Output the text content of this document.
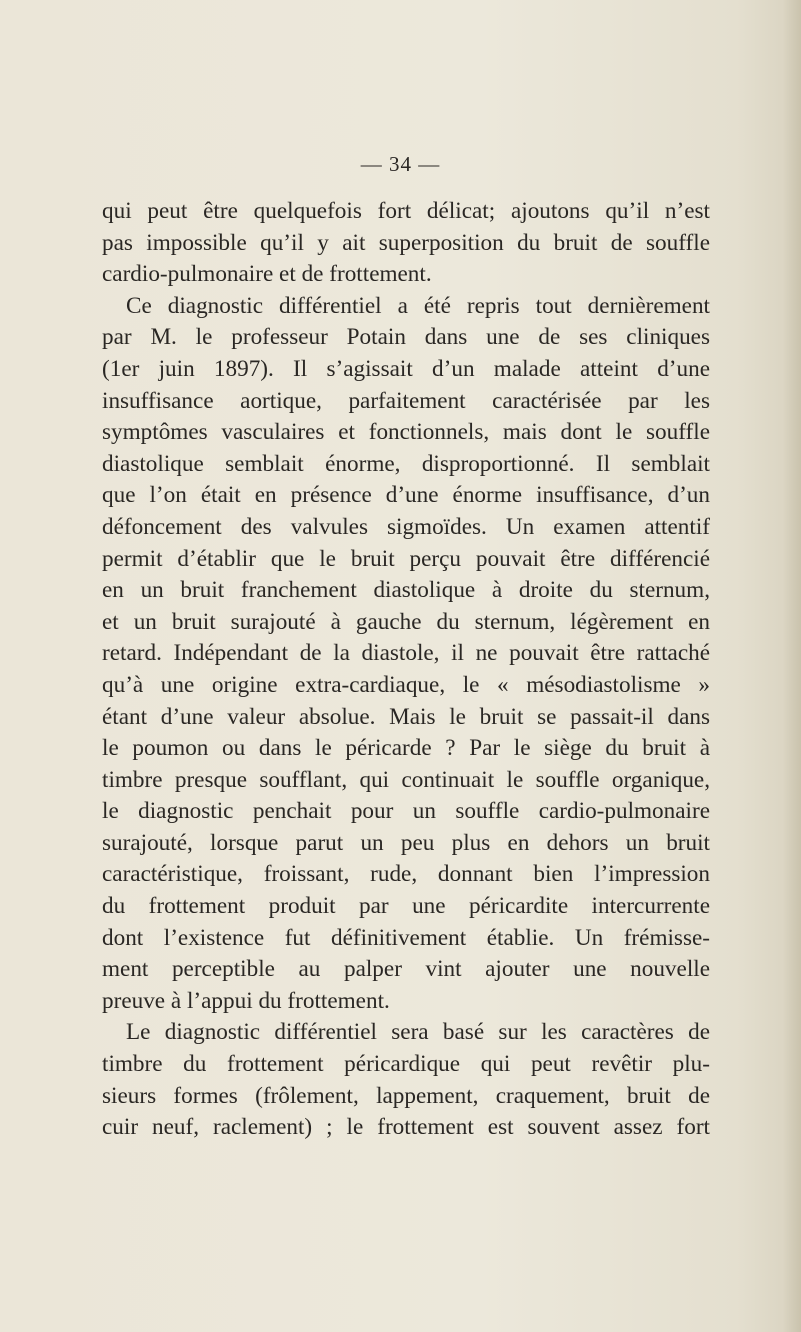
— 34 —
qui peut être quelquefois fort délicat; ajoutons qu’il n’est
pas impossible qu’il y ait superposition du bruit de souffle
cardio-pulmonaire et de frottement.
Ce diagnostic différentiel a été repris tout dernièrement
par M. le professeur Potain dans une de ses cliniques
(1er juin 1897). Il s’agissait d’un malade atteint d’une
insuffisance aortique, parfaitement caractérisée par les
symptômes vasculaires et fonctionnels, mais dont le souffle
diastolique semblait énorme, disproportionné. Il semblait
que l’on était en présence d’une énorme insuffisance, d’un
défoncement des valvules sigmoïdes. Un examen attentif
permit d’établir que le bruit perçu pouvait être différencié
en un bruit franchement diastolique à droite du sternum,
et un bruit surajouté à gauche du sternum, légèrement en
retard. Indépendant de la diastole, il ne pouvait être rattaché
qu’à une origine extra-cardiaque, le « mésodiastolisme »
étant d’une valeur absolue. Mais le bruit se passait-il dans
le poumon ou dans le péricarde ? Par le siège du bruit à
timbre presque soufflant, qui continuait le souffle organique,
le diagnostic penchait pour un souffle cardio-pulmonaire
surajouté, lorsque parut un peu plus en dehors un bruit
caractéristique, froissant, rude, donnant bien l’impression
du frottement produit par une péricardite intercurrente
dont l’existence fut définitivement établie. Un frémisse-
ment perceptible au palper vint ajouter une nouvelle
preuve à l’appui du frottement.
Le diagnostic différentiel sera basé sur les caractères de
timbre du frottement péricardique qui peut revêtir plu-
sieurs formes (frôlement, lappement, craquement, bruit de
cuir neuf, raclement) ; le frottement est souvent assez fort
